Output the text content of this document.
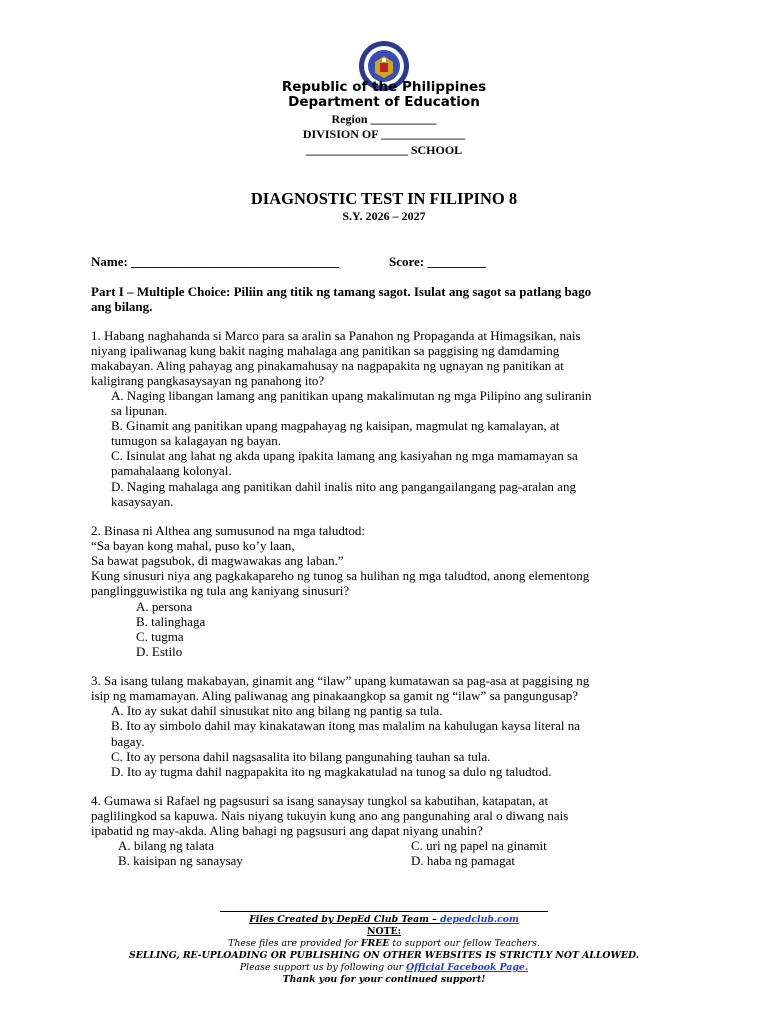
Republic of the Philippines
Department of Education
Region ___________
DIVISION OF ______________
_________________ SCHOOL
DIAGNOSTIC TEST IN FILIPINO 8
S.Y. 2026 – 2027
Name: ________________________________	Score: _________
Part I – Multiple Choice: Piliin ang titik ng tamang sagot. Isulat ang sagot sa patlang bago
ang bilang.
1. Habang naghahanda si Marco para sa aralin sa Panahon ng Propaganda at Himagsikan, nais
niyang ipaliwanag kung bakit naging mahalaga ang panitikan sa paggising ng damdaming
makabayan. Aling pahayag ang pinakamahusay na nagpapakita ng ugnayan ng panitikan at
kaligirang pangkasaysayan ng panahong ito?
A. Naging libangan lamang ang panitikan upang makalimutan ng mga Pilipino ang suliranin
sa lipunan.
B. Ginamit ang panitikan upang magpahayag ng kaisipan, magmulat ng kamalayan, at
tumugon sa kalagayan ng bayan.
C. Isinulat ang lahat ng akda upang ipakita lamang ang kasiyahan ng mga mamamayan sa
pamahalaang kolonyal.
D. Naging mahalaga ang panitikan dahil inalis nito ang pangangailangang pag-aralan ang
kasaysayan.
2. Binasa ni Althea ang sumusunod na mga taludtod:
“Sa bayan kong mahal, puso ko’y laan,
Sa bawat pagsubok, di magwawakas ang laban.”
Kung sinusuri niya ang pagkakapareho ng tunog sa hulihan ng mga taludtod, anong elementong
panglingguwistika ng tula ang kaniyang sinusuri?
A. persona
B. talinghaga
C. tugma
D. Estilo
3. Sa isang tulang makabayan, ginamit ang “ilaw” upang kumatawan sa pag-asa at paggising ng
isip ng mamamayan. Aling paliwanag ang pinakaangkop sa gamit ng “ilaw” sa pangungusap?
A. Ito ay sukat dahil sinusukat nito ang bilang ng pantig sa tula.
B. Ito ay simbolo dahil may kinakatawan itong mas malalim na kahulugan kaysa literal na
bagay.
C. Ito ay persona dahil nagsasalita ito bilang pangunahing tauhan sa tula.
D. Ito ay tugma dahil nagpapakita ito ng magkakatulad na tunog sa dulo ng taludtod.
4. Gumawa si Rafael ng pagsusuri sa isang sanaysay tungkol sa kabutihan, katapatan, at
paglilingkod sa kapuwa. Nais niyang tukuyin kung ano ang pangunahing aral o diwang nais
ipabatid ng may-akda. Aling bahagi ng pagsusuri ang dapat niyang unahin?
A. bilang ng talata	C. uri ng papel na ginamit
B. kaisipan ng sanaysay	D. haba ng pamagat
Files Created by DepEd Club Team – depedclub.com
NOTE:
These files are provided for FREE to support our fellow Teachers.
SELLING, RE-UPLOADING OR PUBLISHING ON OTHER WEBSITES IS STRICTLY NOT ALLOWED.
Please support us by following our Official Facebook Page.
Thank you for your continued support!
